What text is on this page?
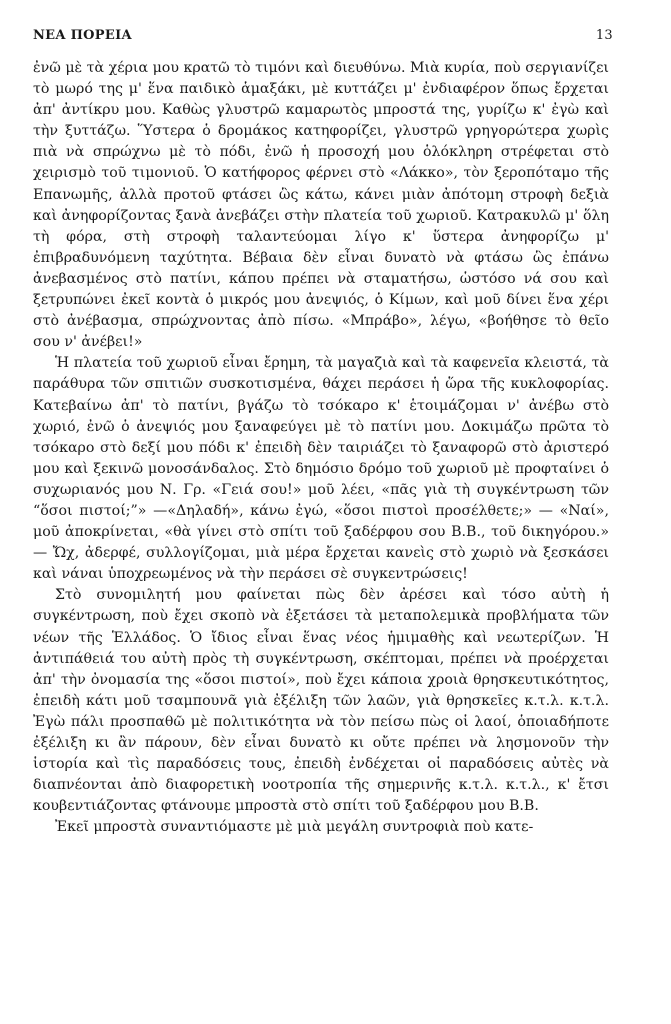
ΝΕΑ ΠΟΡΕΙΑ	13

ἐνῶ μὲ τὰ χέρια μου κρατῶ τὸ τιμόνι καὶ διευθύνω. Μιὰ κυρία, ποὺ σεργιανίζει τὸ μωρό της μ' ἕνα παιδικὸ ἁμαξάκι, μὲ κυττάζει μ' ἐνδιαφέρον ὅπως ἔρχεται ἀπ' ἀντίκρυ μου. Καθὼς γλυστρῶ καμαρωτὸς μπροστά της, γυρίζω κ' ἐγὼ καὶ τὴν ξυττάζω. Ὕστερα ὁ δρομάκος κατηφορίζει, γλυστρῶ γρηγορώτερα χωρὶς πιὰ νὰ σπρώχνω μὲ τὸ πόδι, ἐνῶ ἡ προσοχή μου ὁλόκληρη στρέφεται στὸ χειρισμὸ τοῦ τιμονιοῦ. Ὁ κατήφορος φέρνει στὸ «Λάκκο», τὸν ξεροπόταμο τῆς Επανωμῆς, ἀλλὰ προτοῦ φτάσει ὣς κάτω, κάνει μιὰν ἀπότομη στροφὴ δεξιὰ καὶ ἀνηφορίζοντας ξανὰ ἀνεβάζει στὴν πλατεία τοῦ χωριοῦ. Κατρακυλῶ μ' ὅλη τὴ φόρα, στὴ στροφὴ ταλαντεύομαι λίγο κ' ὕστερα ἀνηφορίζω μ' ἐπιβραδυνόμενη ταχύτητα. Βέβαια δὲν εἶναι δυνατὸ νὰ φτάσω ὣς ἐπάνω ἀνεβασμένος στὸ πατίνι, κάπου πρέπει νὰ σταματήσω, ὡστόσο νά σου καὶ ξετρυπώνει ἐκεῖ κοντὰ ὁ μικρός μου ἀνεψιός, ὁ Κίμων, καὶ μοῦ δίνει ἕνα χέρι στὸ ἀνέβασμα, σπρώχνοντας ἀπὸ πίσω. «Μπράβο», λέγω, «βοήθησε τὸ θεῖο σου ν' ἀνέβει!»

Ἡ πλατεία τοῦ χωριοῦ εἶναι ἔρημη, τὰ μαγαζιὰ καὶ τὰ καφενεῖα κλειστά, τὰ παράθυρα τῶν σπιτιῶν συσκοτισμένα, θάχει περάσει ἡ ὥρα τῆς κυκλοφορίας. Κατεβαίνω ἀπ' τὸ πατίνι, βγάζω τὸ τσόκαρο κ' ἑτοιμάζομαι ν' ἀνέβω στὸ χωριό, ἐνῶ ὁ ἀνεψιός μου ξαναφεύγει μὲ τὸ πατίνι μου. Δοκιμάζω πρῶτα τὸ τσόκαρο στὸ δεξί μου πόδι κ' ἐπειδὴ δὲν ταιριάζει τὸ ξαναφορῶ στὸ ἀριστερό μου καὶ ξεκινῶ μονοσάνδαλος. Στὸ δημόσιο δρόμο τοῦ χωριοῦ μὲ προφταίνει ὁ συχωριανός μου Ν. Γρ. «Γειά σου!» μοῦ λέει, «πᾶς γιὰ τὴ συγκέντρωση τῶν “ὅσοι πιστοί;”» —«Δηλαδή», κάνω ἐγώ, «ὅσοι πιστοὶ προσέλθετε;» — «Ναί», μοῦ ἀποκρίνεται, «θὰ γίνει στὸ σπίτι τοῦ ξαδέρφου σου Β.Β., τοῦ δικηγόρου.» — Ὤχ, ἀδερφέ, συλλογίζομαι, μιὰ μέρα ἔρχεται κανεὶς στὸ χωριὸ νὰ ξεσκάσει καὶ νάναι ὑποχρεωμένος νὰ τὴν περάσει σὲ συγκεντρώσεις!

Στὸ συνομιλητή μου φαίνεται πὼς δὲν ἀρέσει καὶ τόσο αὐτὴ ἡ συγκέντρωση, ποὺ ἔχει σκοπὸ νὰ ἐξετάσει τὰ μεταπολεμικὰ προβλήματα τῶν νέων τῆς Ἑλλάδος. Ὁ ἴδιος εἶναι ἕνας νέος ἡμιμαθὴς καὶ νεωτερίζων. Ἡ ἀντιπάθειά του αὐτὴ πρὸς τὴ συγκέντρωση, σκέπτομαι, πρέπει νὰ προέρχεται ἀπ' τὴν ὀνομασία της «ὅσοι πιστοί», ποὺ ἔχει κάποια χροιὰ θρησκευτικότητος, ἐπειδὴ κάτι μοῦ τσαμπουνᾶ γιὰ ἐξέλιξη τῶν λαῶν, γιὰ θρησκεῖες κ.τ.λ. κ.τ.λ. Ἐγὼ πάλι προσπαθῶ μὲ πολιτικότητα νὰ τὸν πείσω πὼς οἱ λαοί, ὁποιαδήποτε ἐξέλιξη κι ἂν πάρουν, δὲν εἶναι δυνατὸ κι οὔτε πρέπει νὰ λησμονοῦν τὴν ἱστορία καὶ τὶς παραδόσεις τους, ἐπειδὴ ἐνδέχεται οἱ παραδόσεις αὐτὲς νὰ διαπνέονται ἀπὸ διαφορετικὴ νοοτροπία τῆς σημερινῆς κ.τ.λ. κ.τ.λ., κ' ἔτσι κουβεντιάζοντας φτάνουμε μπροστὰ στὸ σπίτι τοῦ ξαδέρφου μου Β.Β.

Ἐκεῖ μπροστὰ συναντιόμαστε μὲ μιὰ μεγάλη συντροφιὰ ποὺ κατε-
